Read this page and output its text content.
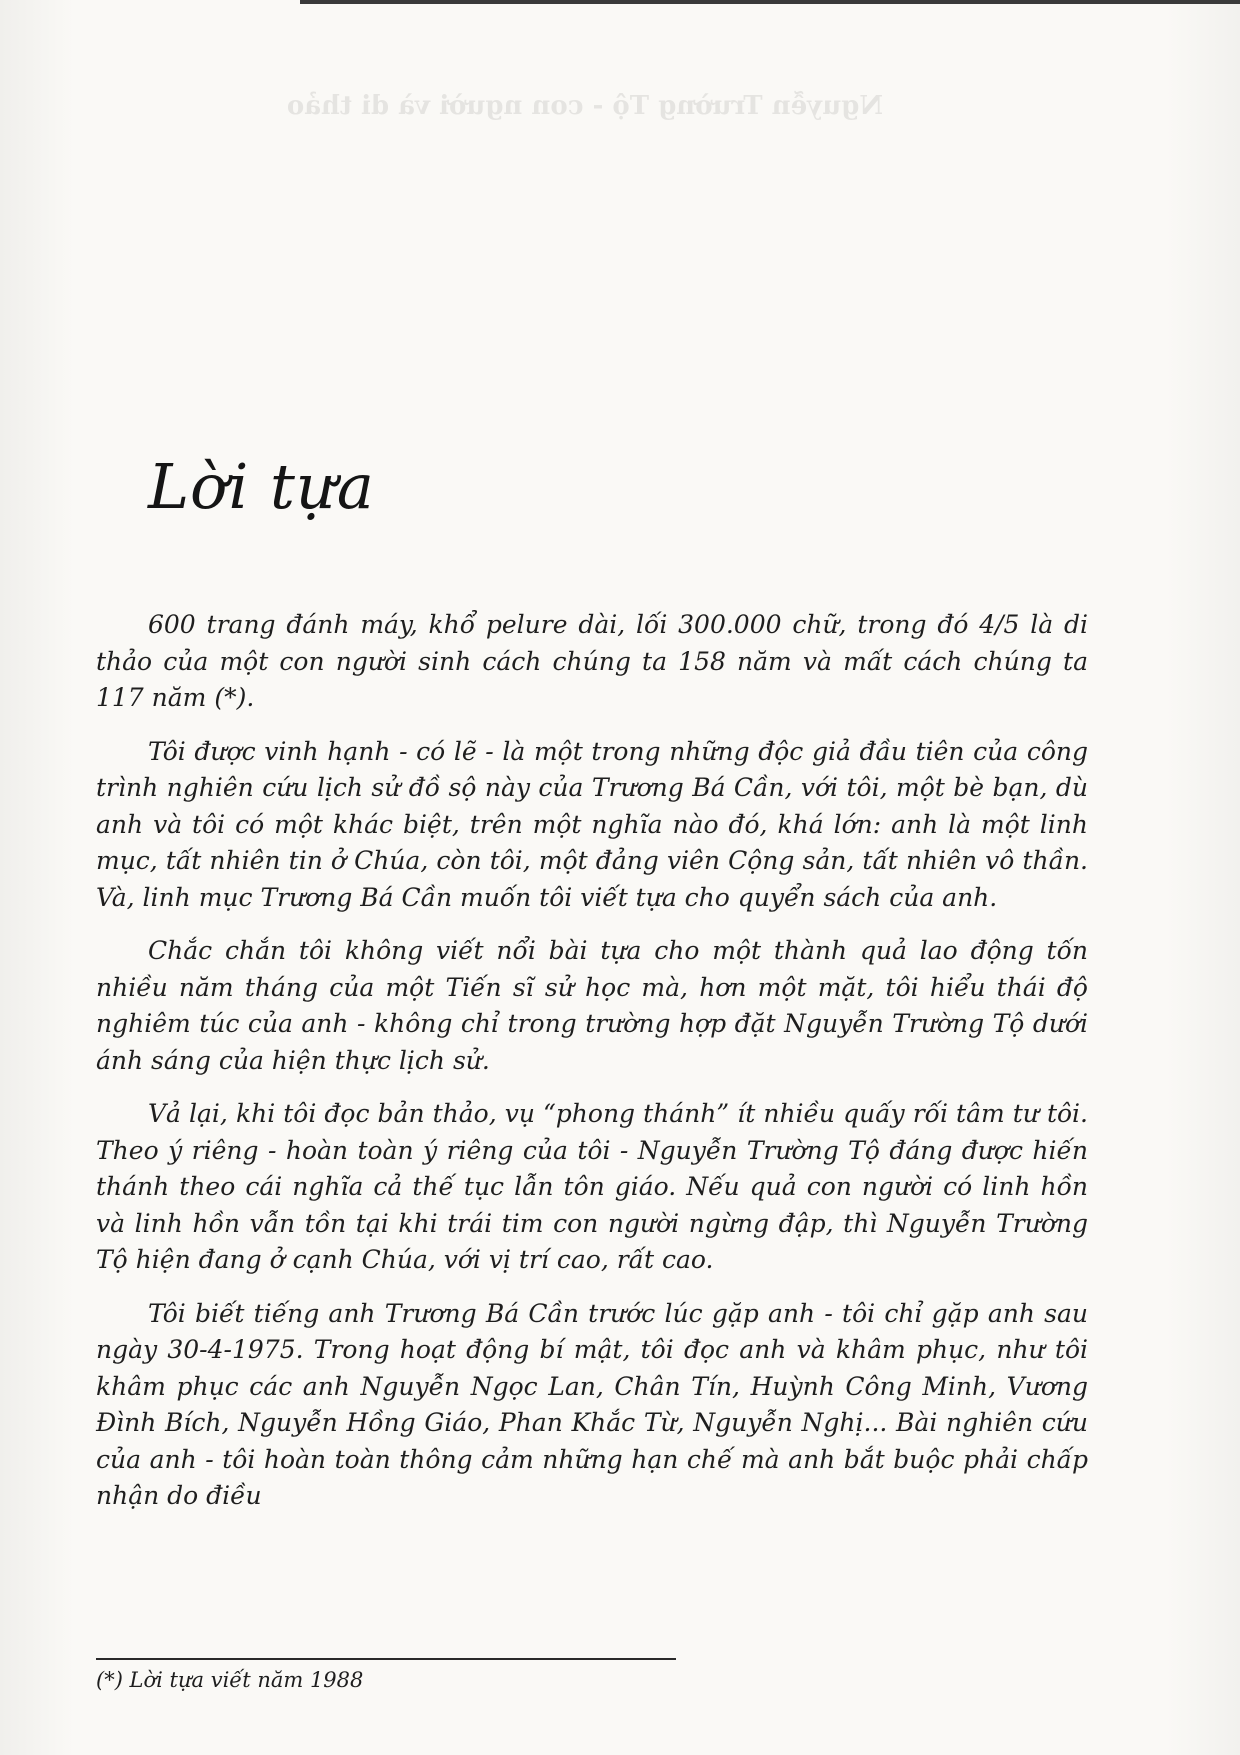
Nguyễn Trường Tộ - con người và di thảo
Lời tựa

600 trang đánh máy, khổ pelure dài, lối 300.000 chữ, trong đó 4/5 là di thảo của một con người sinh cách chúng ta 158 năm và mất cách chúng ta 117 năm (*).

Tôi được vinh hạnh - có lẽ - là một trong những độc giả đầu tiên của công trình nghiên cứu lịch sử đồ sộ này của Trương Bá Cần, với tôi, một bè bạn, dù anh và tôi có một khác biệt, trên một nghĩa nào đó, khá lớn: anh là một linh mục, tất nhiên tin ở Chúa, còn tôi, một đảng viên Cộng sản, tất nhiên vô thần. Và, linh mục Trương Bá Cần muốn tôi viết tựa cho quyển sách của anh.

Chắc chắn tôi không viết nổi bài tựa cho một thành quả lao động tốn nhiều năm tháng của một Tiến sĩ sử học mà, hơn một mặt, tôi hiểu thái độ nghiêm túc của anh - không chỉ trong trường hợp đặt Nguyễn Trường Tộ dưới ánh sáng của hiện thực lịch sử.

Vả lại, khi tôi đọc bản thảo, vụ “phong thánh” ít nhiều quấy rối tâm tư tôi. Theo ý riêng - hoàn toàn ý riêng của tôi - Nguyễn Trường Tộ đáng được hiến thánh theo cái nghĩa cả thế tục lẫn tôn giáo. Nếu quả con người có linh hồn và linh hồn vẫn tồn tại khi trái tim con người ngừng đập, thì Nguyễn Trường Tộ hiện đang ở cạnh Chúa, với vị trí cao, rất cao.

Tôi biết tiếng anh Trương Bá Cần trước lúc gặp anh - tôi chỉ gặp anh sau ngày 30-4-1975. Trong hoạt động bí mật, tôi đọc anh và khâm phục, như tôi khâm phục các anh Nguyễn Ngọc Lan, Chân Tín, Huỳnh Công Minh, Vương Đình Bích, Nguyễn Hồng Giáo, Phan Khắc Từ, Nguyễn Nghị... Bài nghiên cứu của anh - tôi hoàn toàn thông cảm những hạn chế mà anh bắt buộc phải chấp nhận do điều

(*) Lời tựa viết năm 1988
